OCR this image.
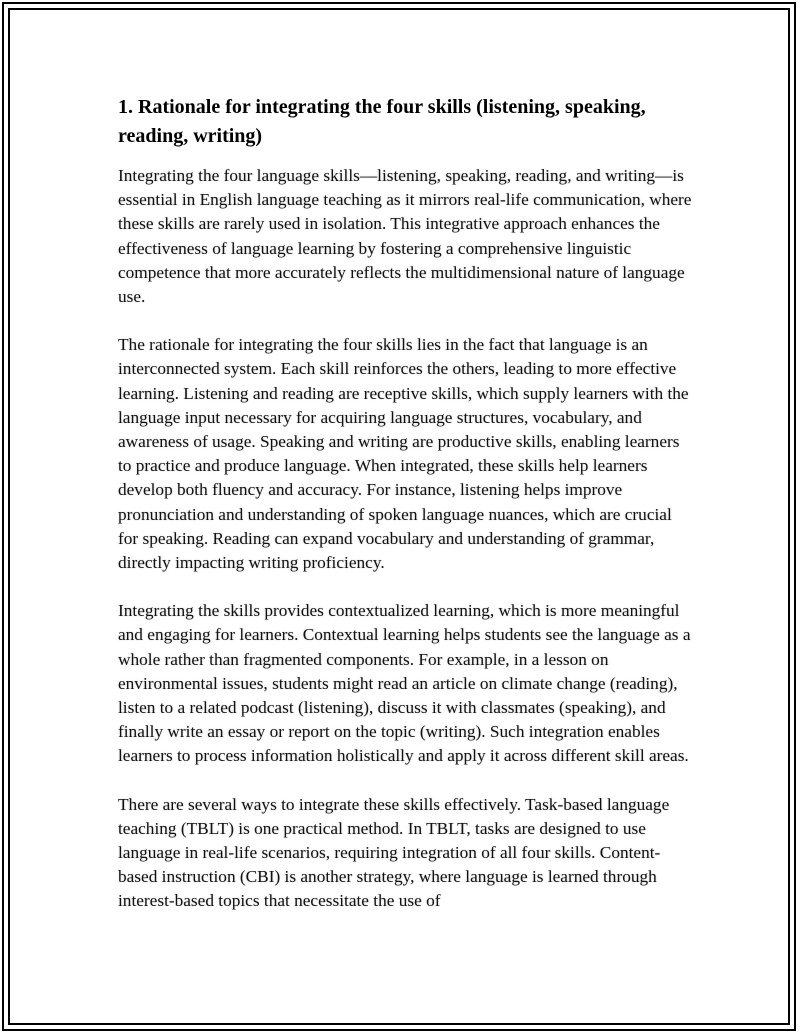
1. Rationale for integrating the four skills (listening, speaking, reading, writing)

Integrating the four language skills—listening, speaking, reading, and writing—is essential in English language teaching as it mirrors real-life communication, where these skills are rarely used in isolation. This integrative approach enhances the effectiveness of language learning by fostering a comprehensive linguistic competence that more accurately reflects the multidimensional nature of language use.

The rationale for integrating the four skills lies in the fact that language is an interconnected system. Each skill reinforces the others, leading to more effective learning. Listening and reading are receptive skills, which supply learners with the language input necessary for acquiring language structures, vocabulary, and awareness of usage. Speaking and writing are productive skills, enabling learners to practice and produce language. When integrated, these skills help learners develop both fluency and accuracy. For instance, listening helps improve pronunciation and understanding of spoken language nuances, which are crucial for speaking. Reading can expand vocabulary and understanding of grammar, directly impacting writing proficiency.

Integrating the skills provides contextualized learning, which is more meaningful and engaging for learners. Contextual learning helps students see the language as a whole rather than fragmented components. For example, in a lesson on environmental issues, students might read an article on climate change (reading), listen to a related podcast (listening), discuss it with classmates (speaking), and finally write an essay or report on the topic (writing). Such integration enables learners to process information holistically and apply it across different skill areas.

There are several ways to integrate these skills effectively. Task-based language teaching (TBLT) is one practical method. In TBLT, tasks are designed to use language in real-life scenarios, requiring integration of all four skills. Content-based instruction (CBI) is another strategy, where language is learned through interest-based topics that necessitate the use of
